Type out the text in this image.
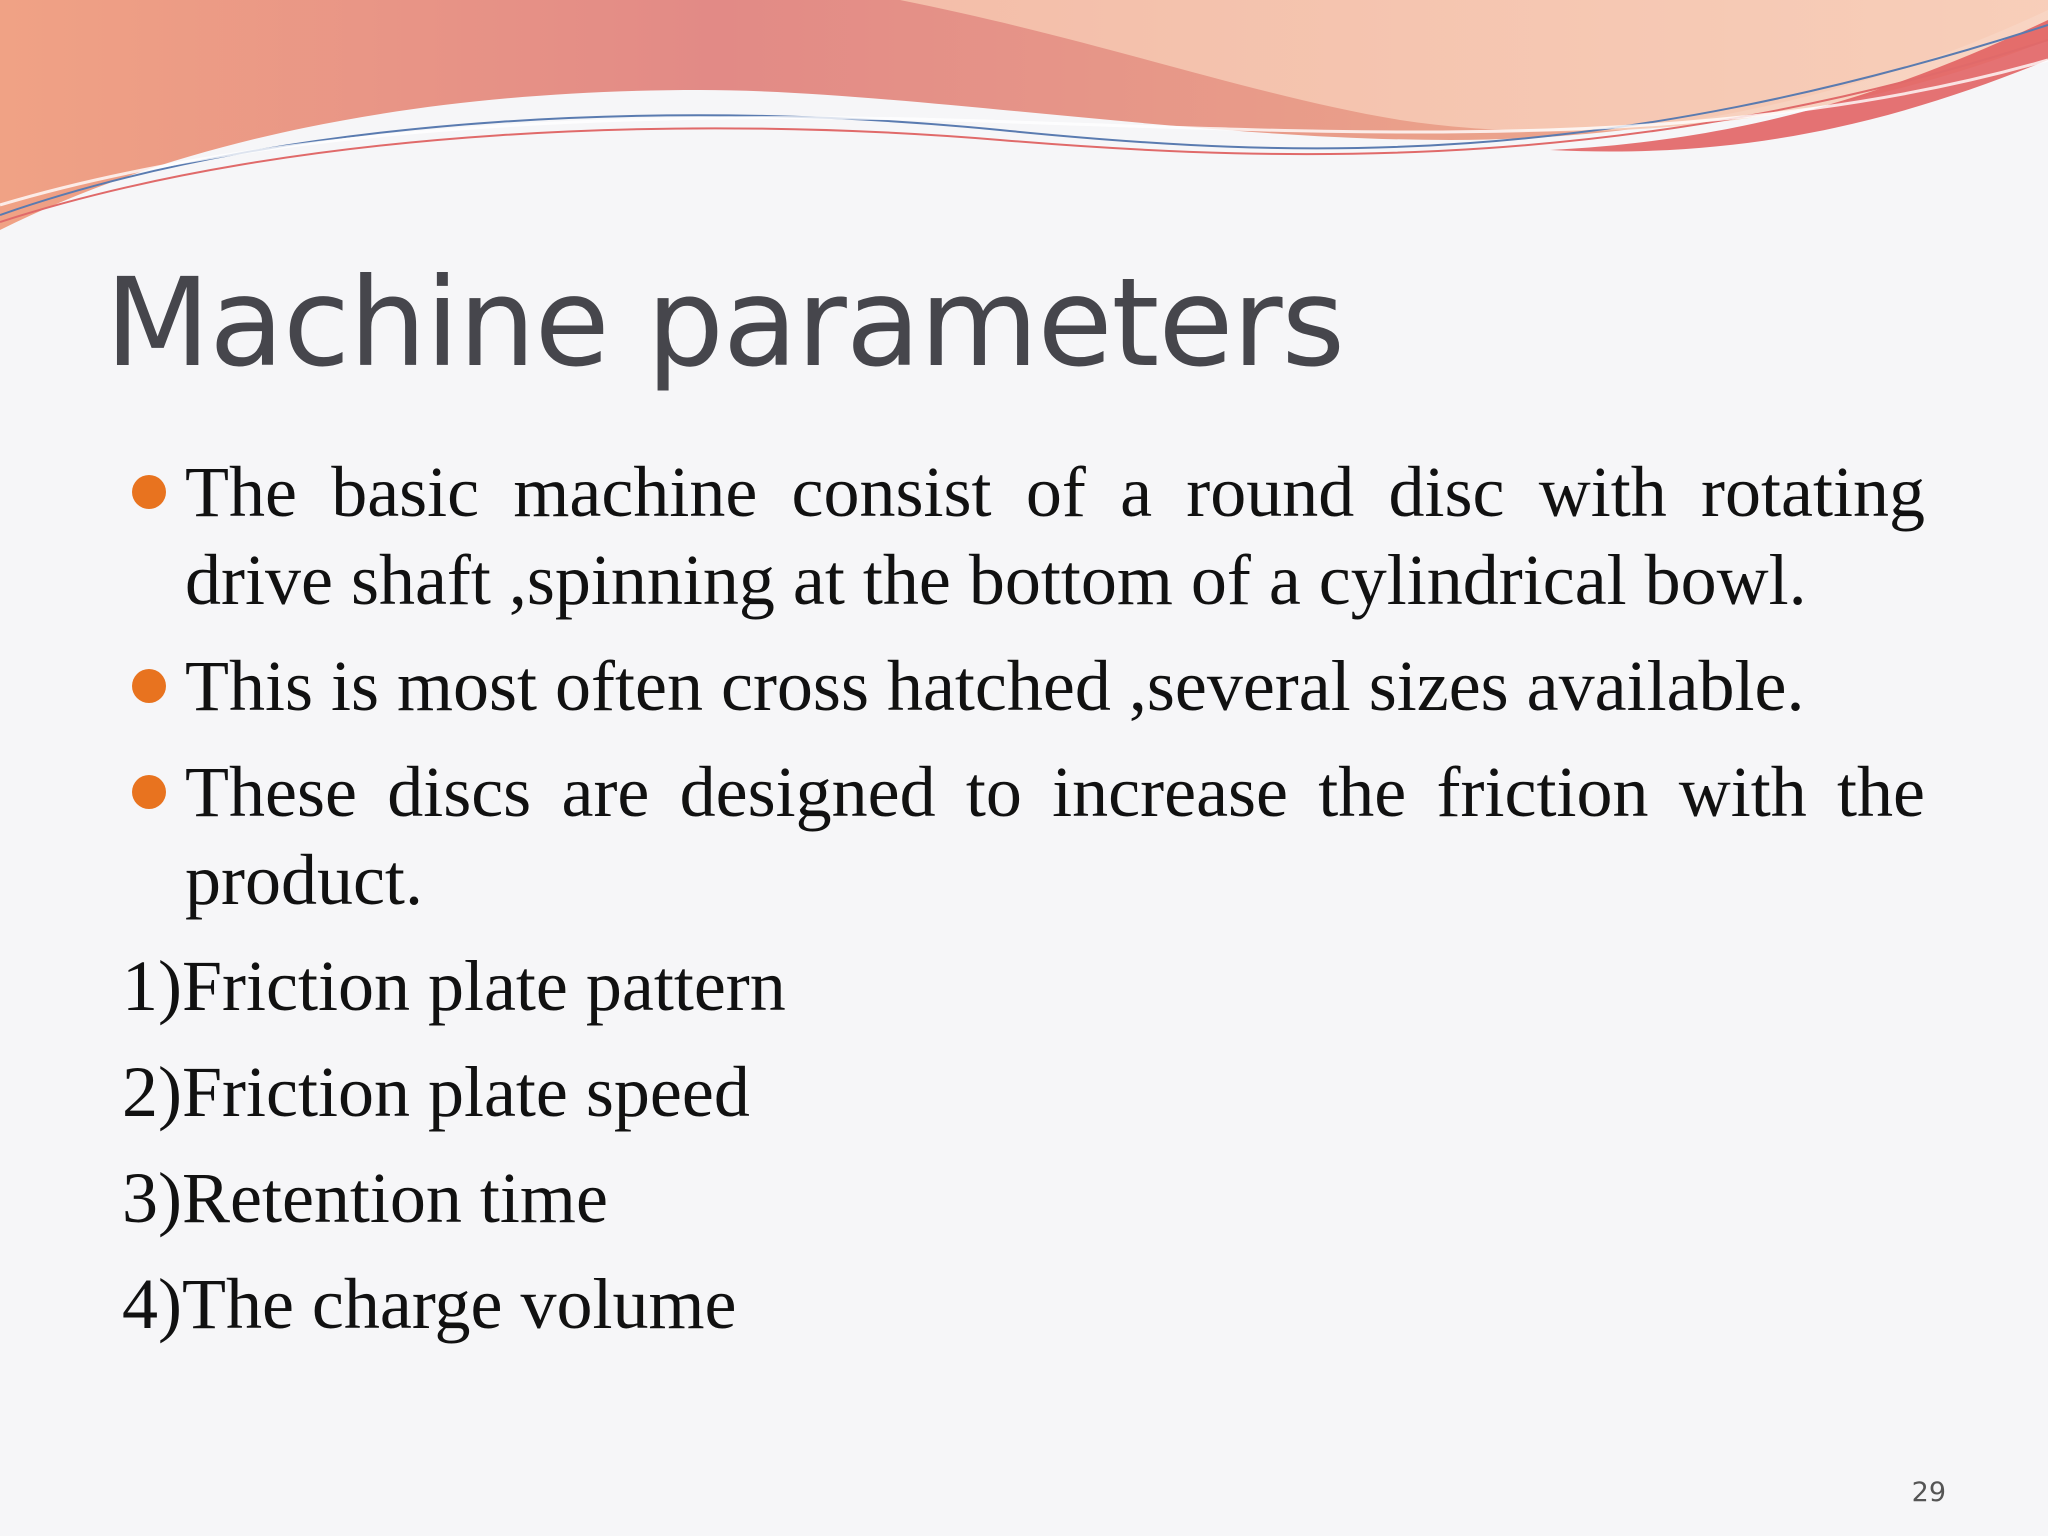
Machine parameters
The basic machine consist of a round disc with rotating drive shaft ,spinning at the bottom of a cylindrical bowl.
This is most often cross hatched ,several sizes available.
These discs are designed to increase the friction with the product.
1)Friction plate pattern
2)Friction plate speed
3)Retention time
4)The charge volume
29
